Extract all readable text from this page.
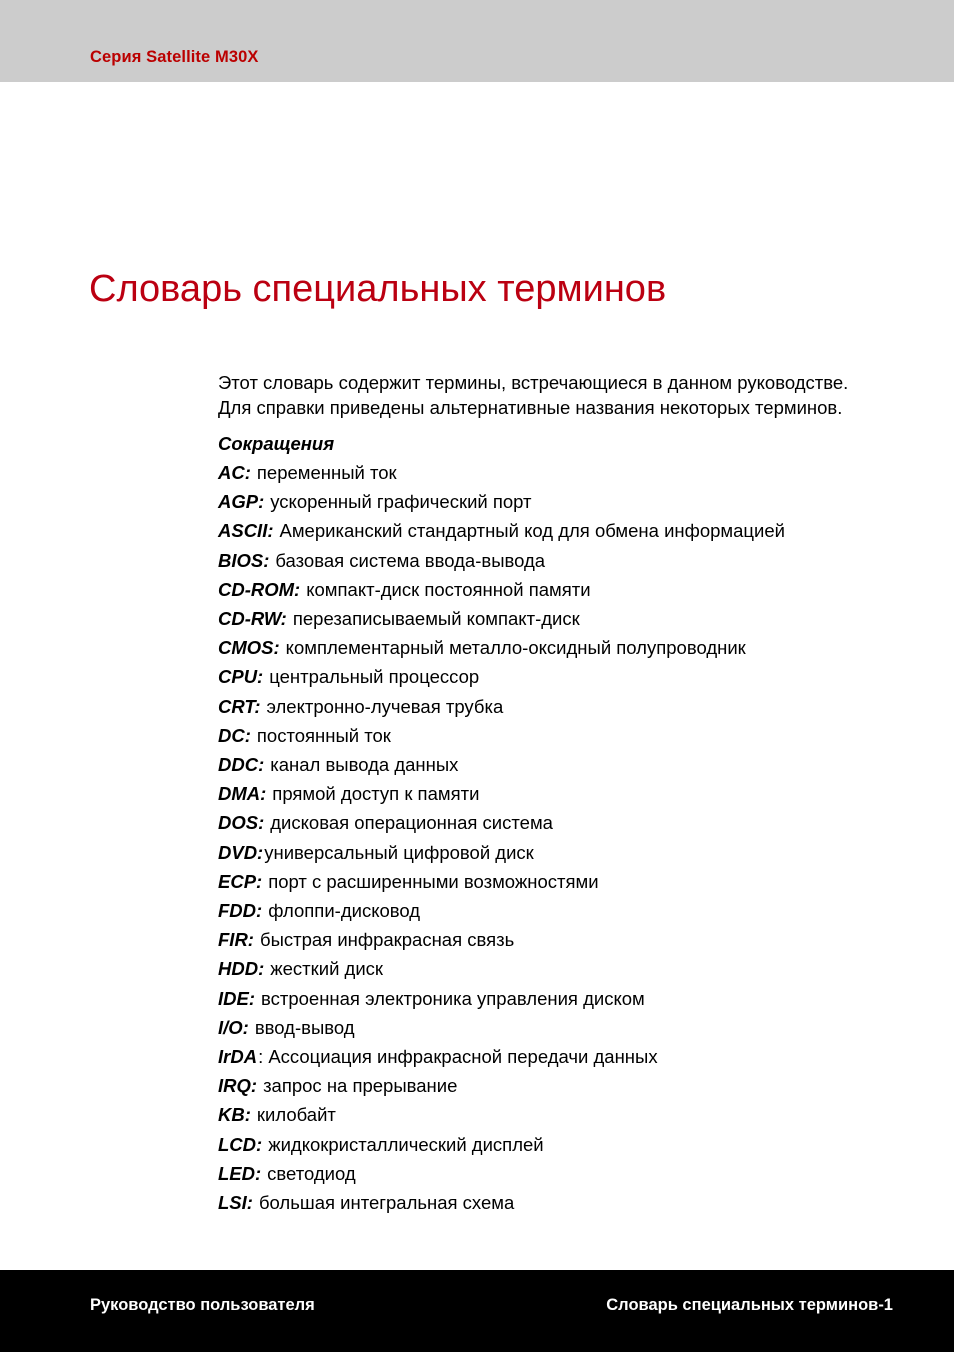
Серия Satellite M30X
Словарь специальных терминов

Этот словарь содержит термины, встречающиеся в данном руководстве. Для справки приведены альтернативные названия некоторых терминов.

Сокращения

AC: переменный ток
AGP: ускоренный графический порт
ASCII: Американский стандартный код для обмена информацией
BIOS: базовая система ввода-вывода
CD-ROM: компакт-диск постоянной памяти
CD-RW: перезаписываемый компакт-диск
CMOS: комплементарный металло-оксидный полупроводник
CPU: центральный процессор
CRT: электронно-лучевая трубка
DC: постоянный ток
DDC: канал вывода данных
DMA: прямой доступ к памяти
DOS: дисковая операционная система
DVD:универсальный цифровой диск
ECP: порт с расширенными возможностями
FDD: флоппи-дисковод
FIR: быстрая инфракрасная связь
HDD: жесткий диск
IDE: встроенная электроника управления диском
I/O: ввод-вывод
IrDA: Ассоциация инфракрасной передачи данных
IRQ: запрос на прерывание
KB: килобайт
LCD: жидкокристаллический дисплей
LED: светодиод
LSI: большая интегральная схема
Руководство пользователя	Словарь специальных терминов-1
